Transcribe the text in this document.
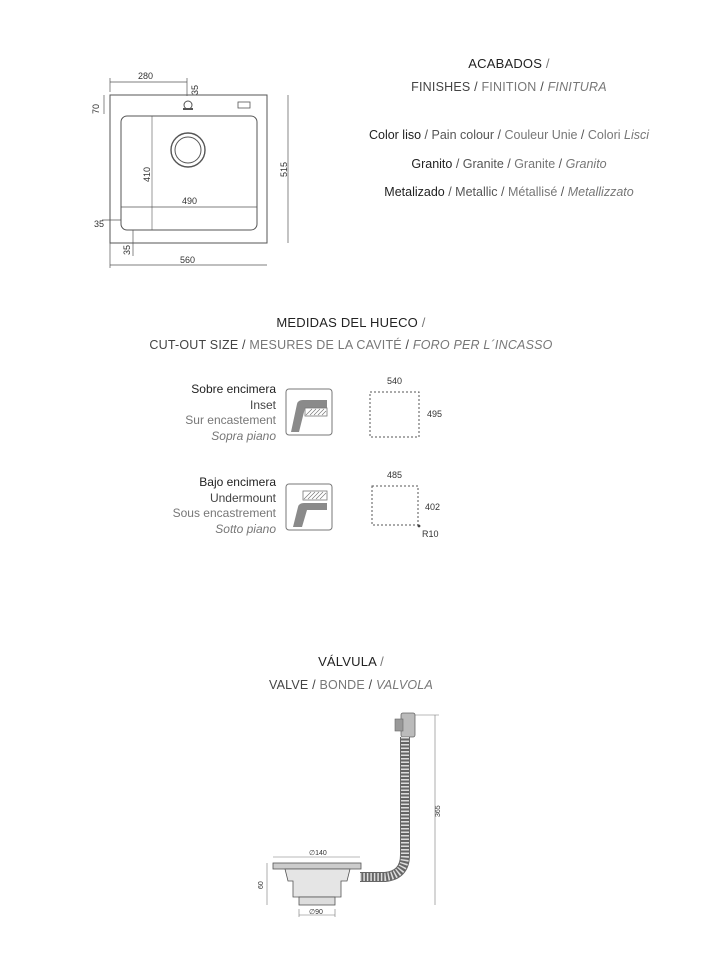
280
35
70
410
490
35
515
35
560
ACABADOS /
FINISHES / FINITION / FINITURA
Color liso / Pain colour / Couleur Unie / Colori Lisci
Granito / Granite / Granite / Granito
Metalizado / Metallic / Métallisé / Metallizzato
MEDIDAS DEL HUECO /
CUT-OUT SIZE / MESURES DE LA CAVITÉ / FORO PER L´INCASSO
Sobre encimera
Inset
Sur encastement
Sopra piano
540
495
Bajo encimera
Undermount
Sous encastrement
Sotto piano
485
402
R10
VÁLVULA /
VALVE / BONDE / VALVOLA
365
∅140
60
∅90
